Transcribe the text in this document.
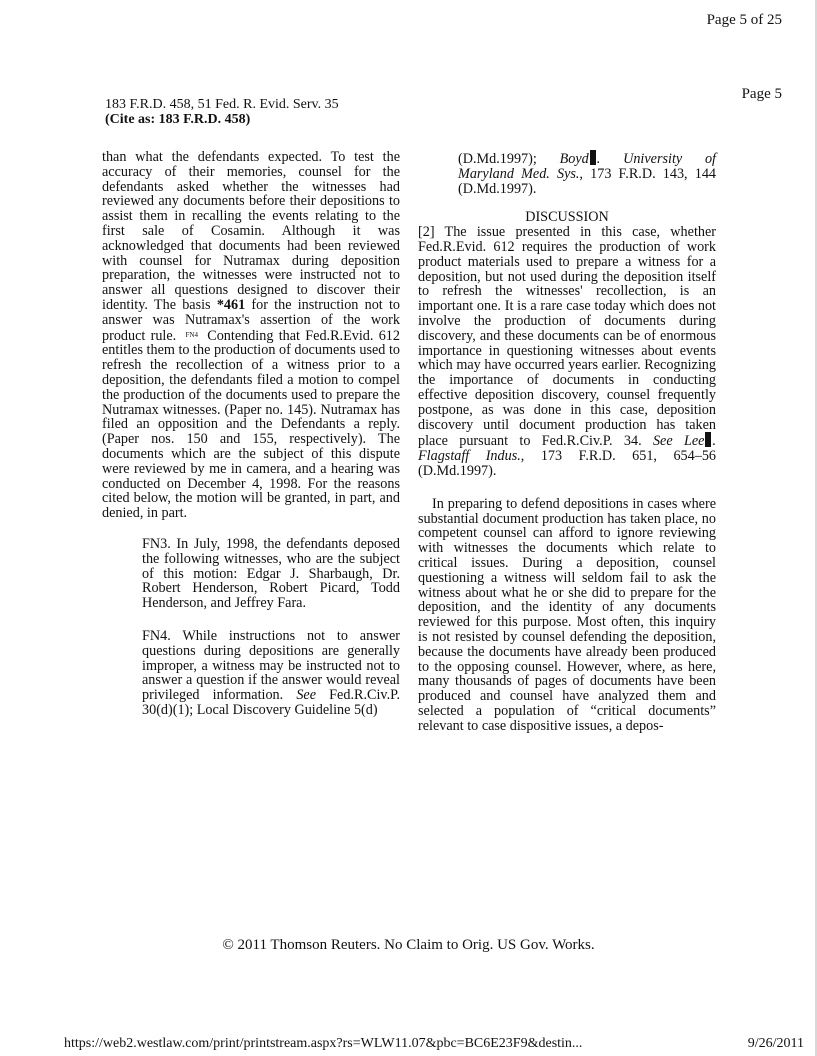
Page 5 of 25
Page 5
183 F.R.D. 458, 51 Fed. R. Evid. Serv. 35
(Cite as: 183 F.R.D. 458)

than what the defendants expected. To test the accuracy of their memories, counsel for the defendants asked whether the witnesses had reviewed any documents before their depositions to assist them in recalling the events relating to the first sale of Cosamin. Although it was acknowledged that documents had been reviewed with counsel for Nutramax during deposition preparation, the witnesses were instructed not to answer all questions designed to discover their identity. The basis *461 for the instruction not to answer was Nutramax's assertion of the work product rule. $^{FN4}$ Contending that Fed.R.Evid. 612 entitles them to the production of documents used to refresh the recollection of a witness prior to a deposition, the defendants filed a motion to compel the production of the documents used to prepare the Nutramax witnesses. (Paper no. 145). Nutramax has filed an opposition and the Defendants a reply. (Paper nos. 150 and 155, respectively). The documents which are the subject of this dispute were reviewed by me in camera, and a hearing was conducted on December 4, 1998. For the reasons cited below, the motion will be granted, in part, and denied, in part.

FN3. In July, 1998, the defendants deposed the following witnesses, who are the subject of this motion: Edgar J. Sharbaugh, Dr. Robert Henderson, Robert Picard, Todd Henderson, and Jeffrey Fara.

FN4. While instructions not to answer questions during depositions are generally improper, a witness may be instructed not to answer a question if the answer would reveal privileged information. See Fed.R.Civ.P. 30(d)(1); Local Discovery Guideline 5(d)

(D.Md.1997); Boyd . University of Maryland Med. Sys., 173 F.R.D. 143, 144 (D.Md.1997).

DISCUSSION

[2] The issue presented in this case, whether Fed.R.Evid. 612 requires the production of work product materials used to prepare a witness for a deposition, but not used during the deposition itself to refresh the witnesses' recollection, is an important one. It is a rare case today which does not involve the production of documents during discovery, and these documents can be of enormous importance in questioning witnesses about events which may have occurred years earlier. Recognizing the importance of documents in conducting effective deposition discovery, counsel frequently postpone, as was done in this case, deposition discovery until document production has taken place pursuant to Fed.R.Civ.P. 34. See Lee . Flagstaff Indus., 173 F.R.D. 651, 654–56 (D.Md.1997).

In preparing to defend depositions in cases where substantial document production has taken place, no competent counsel can afford to ignore reviewing with witnesses the documents which relate to critical issues. During a deposition, counsel questioning a witness will seldom fail to ask the witness about what he or she did to prepare for the deposition, and the identity of any documents reviewed for this purpose. Most often, this inquiry is not resisted by counsel defending the deposition, because the documents have already been produced to the opposing counsel. However, where, as here, many thousands of pages of documents have been produced and counsel have analyzed them and selected a population of “critical documents” relevant to case dispositive issues, a depos-

© 2011 Thomson Reuters. No Claim to Orig. US Gov. Works.
https://web2.westlaw.com/print/printstream.aspx?rs=WLW11.07&pbc=BC6E23F9&destin...	9/26/2011
